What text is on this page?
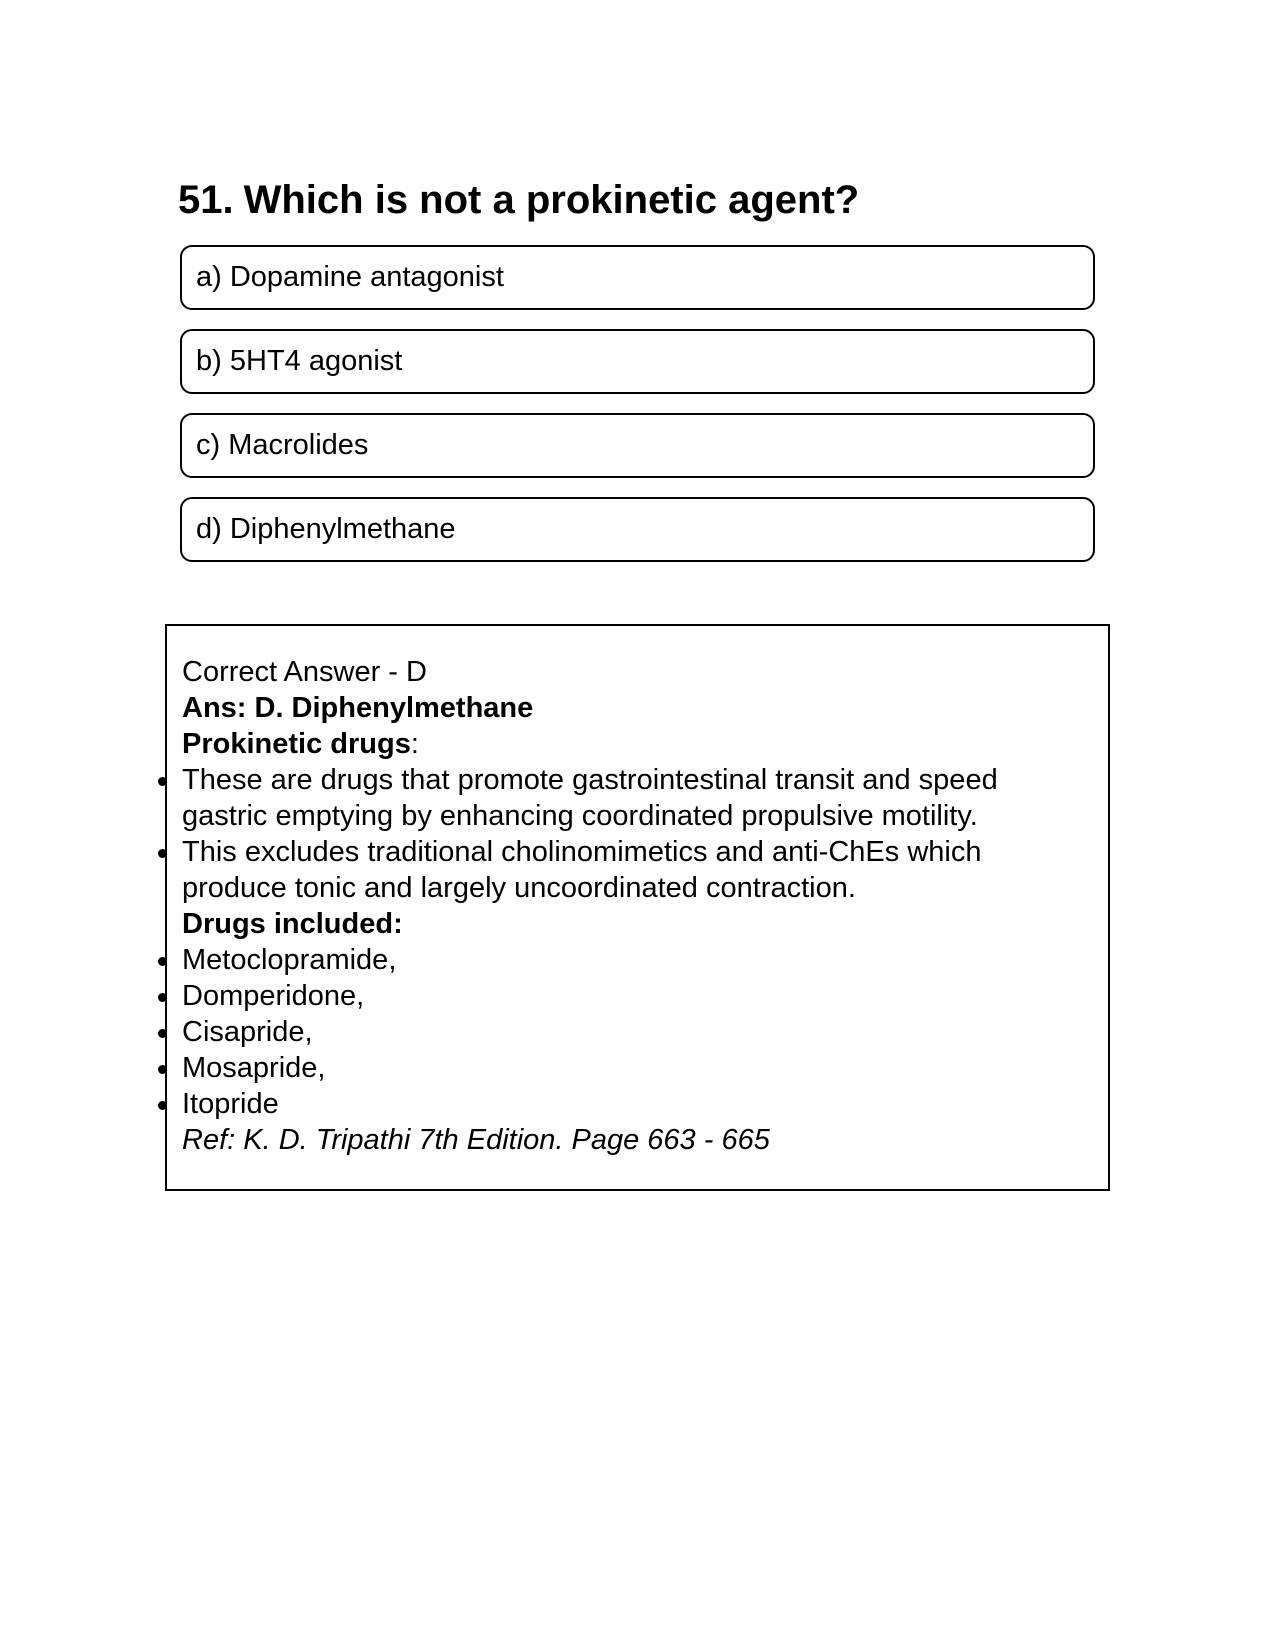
51. Which is not a prokinetic agent?
a) Dopamine antagonist
b) 5HT4 agonist
c) Macrolides
d) Diphenylmethane

Correct Answer - D

Ans: D. Diphenylmethane

Prokinetic drugs:

These are drugs that promote gastrointestinal transit and speed gastric emptying by enhancing coordinated propulsive motility.
This excludes traditional cholinomimetics and anti-ChEs which produce tonic and largely uncoordinated contraction.

Drugs included:

Metoclopramide,
Domperidone,
Cisapride,
Mosapride,
Itopride

Ref: K. D. Tripathi 7th Edition. Page 663 - 665
